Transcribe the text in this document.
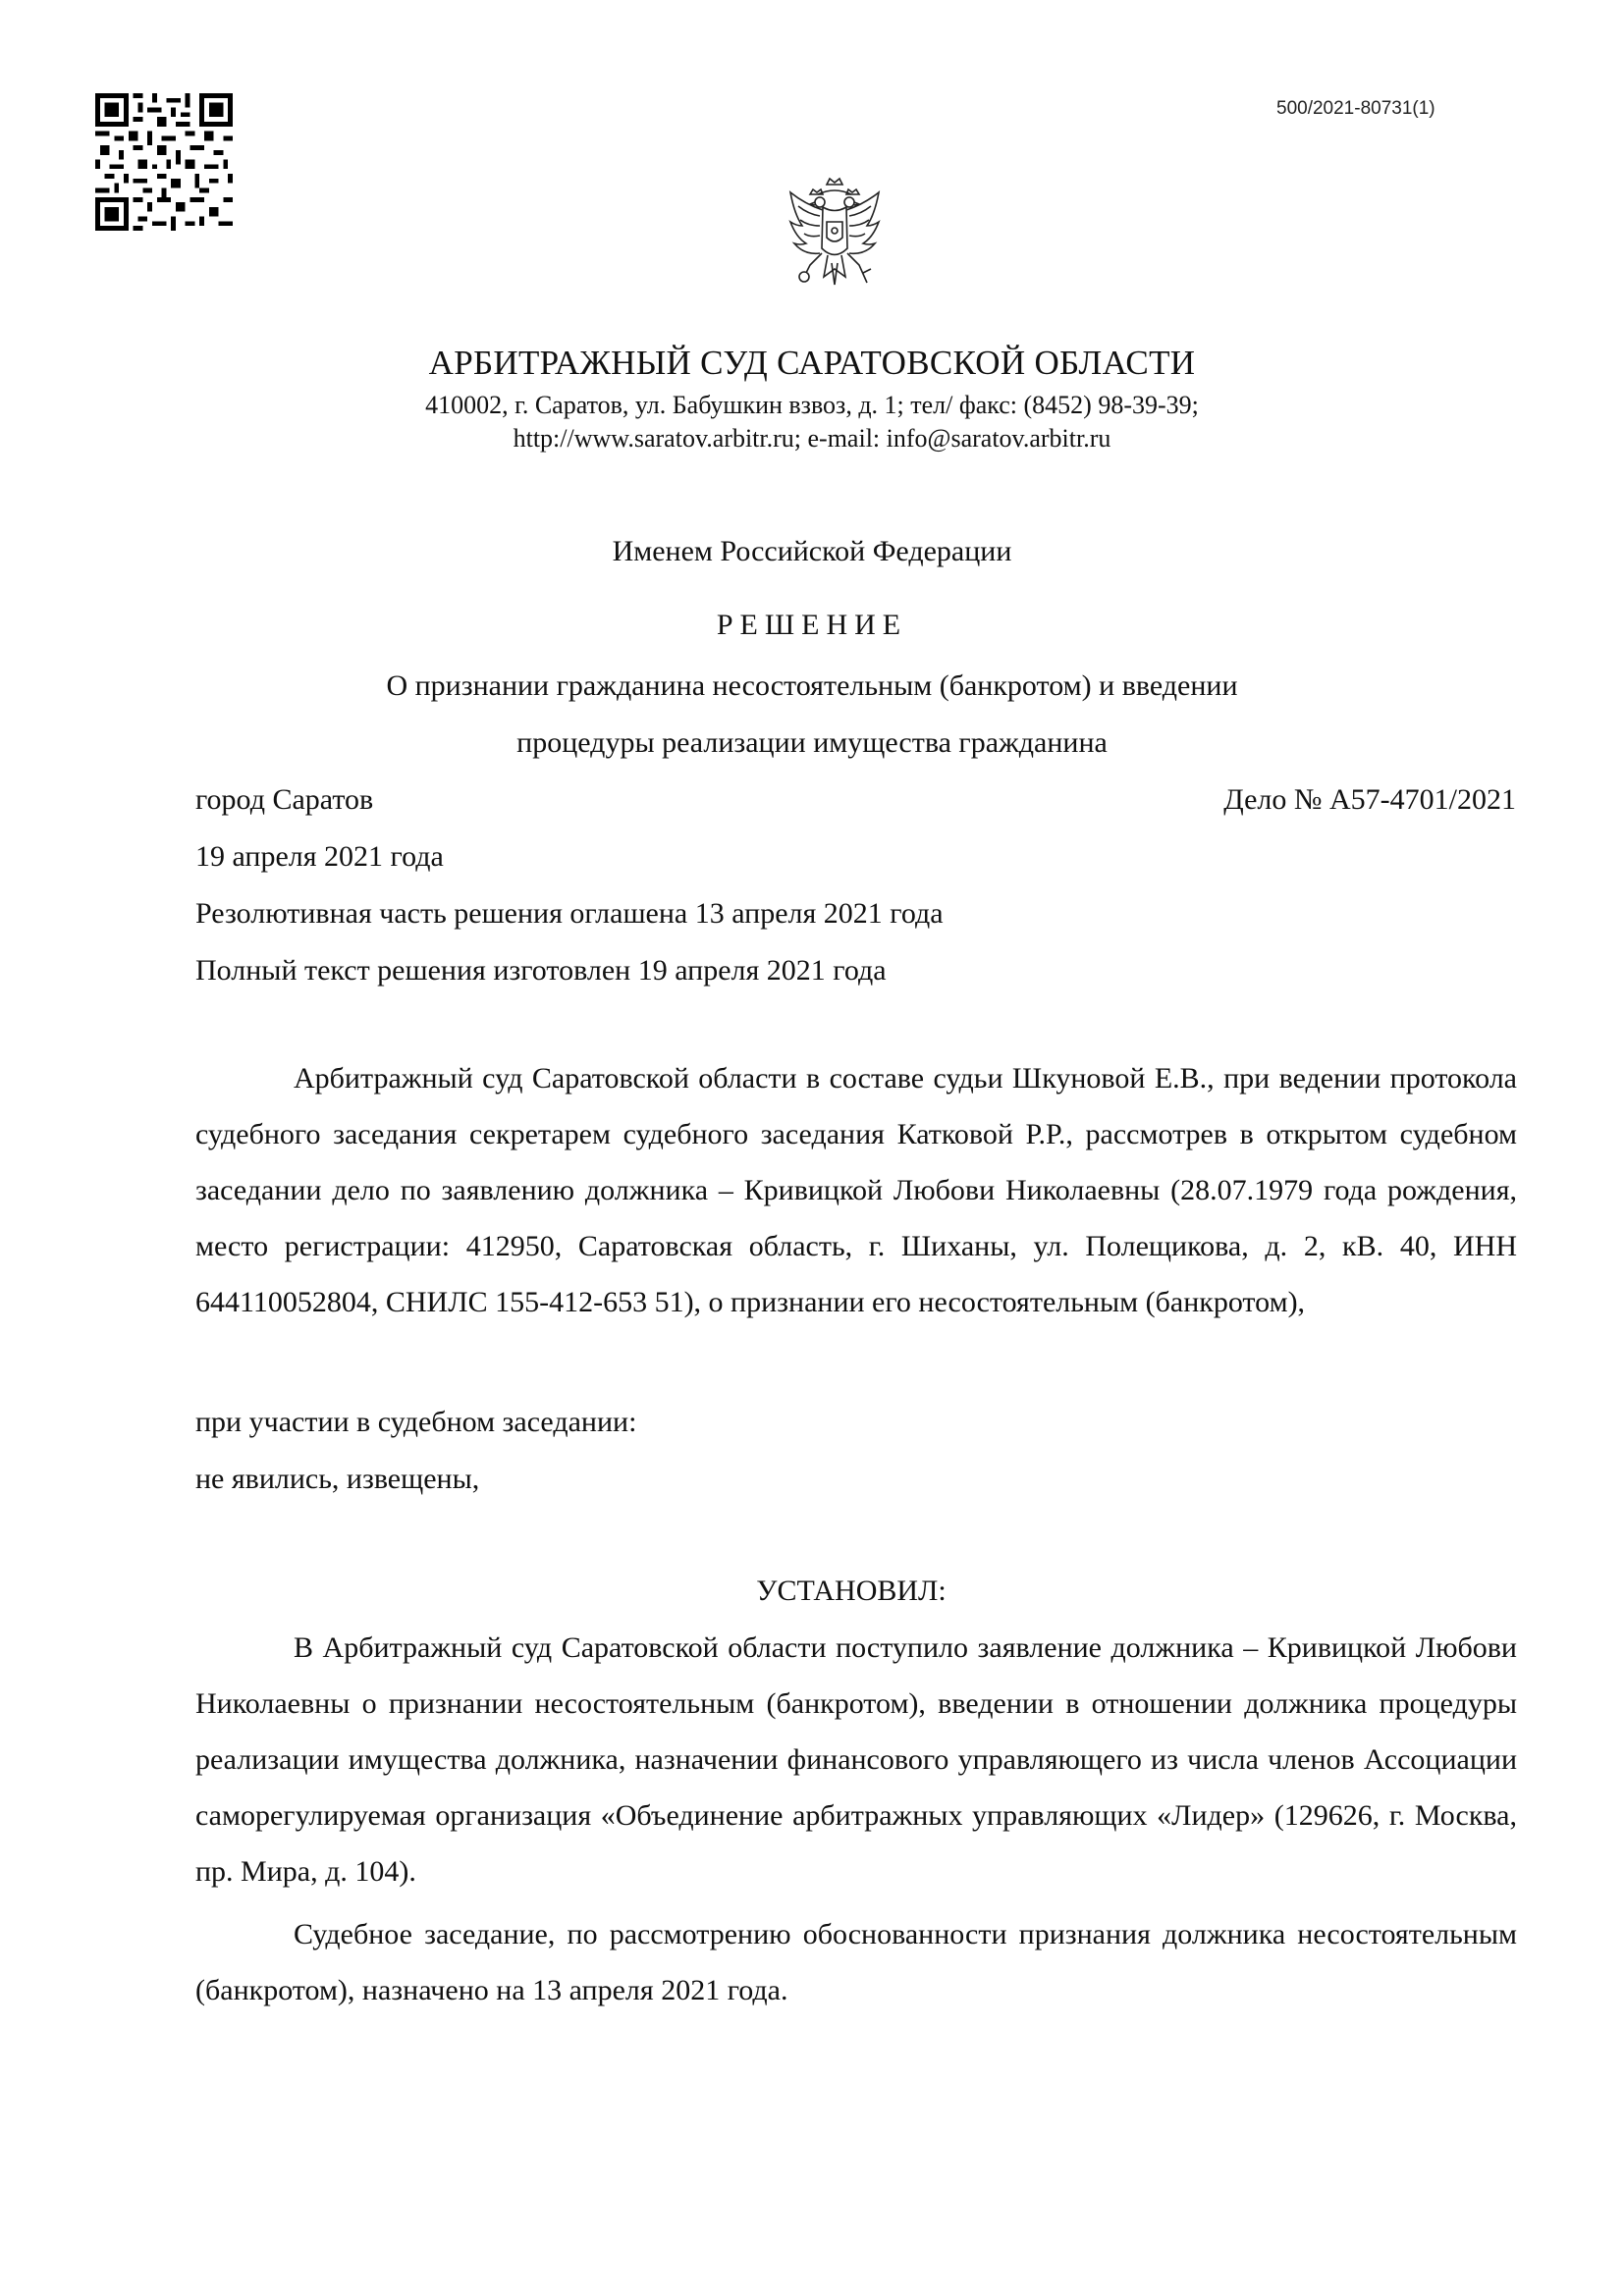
500/2021-80731(1)
АРБИТРАЖНЫЙ СУД САРАТОВСКОЙ ОБЛАСТИ
410002, г. Саратов, ул. Бабушкин взвоз, д. 1; тел/ факс: (8452) 98-39-39;
http://www.saratov.arbitr.ru; e-mail: info@saratov.arbitr.ru
Именем Российской Федерации
РЕШЕНИЕ
О признании гражданина несостоятельным (банкротом) и введении
процедуры реализации имущества гражданина
город Саратов	Дело № А57-4701/2021
19 апреля 2021 года
Резолютивная часть решения оглашена 13 апреля 2021 года
Полный текст решения изготовлен 19 апреля 2021 года
Арбитражный суд Саратовской области в составе судьи Шкуновой Е.В., при ведении протокола судебного заседания секретарем судебного заседания Катковой Р.Р., рассмотрев в открытом судебном заседании дело по заявлению должника – Кривицкой Любови Николаевны (28.07.1979 года рождения, место регистрации: 412950, Саратовская область, г. Шиханы, ул. Полещикова, д. 2, кВ. 40, ИНН 644110052804, СНИЛС 155-412-653 51), о признании его несостоятельным (банкротом),
при участии в судебном заседании:
не явились, извещены,
УСТАНОВИЛ:
В Арбитражный суд Саратовской области поступило заявление должника – Кривицкой Любови Николаевны о признании несостоятельным (банкротом), введении в отношении должника процедуры реализации имущества должника, назначении финансового управляющего из числа членов Ассоциации саморегулируемая организация «Объединение арбитражных управляющих «Лидер» (129626, г. Москва, пр. Мира, д. 104).
Судебное заседание, по рассмотрению обоснованности признания должника несостоятельным (банкротом), назначено на 13 апреля 2021 года.
